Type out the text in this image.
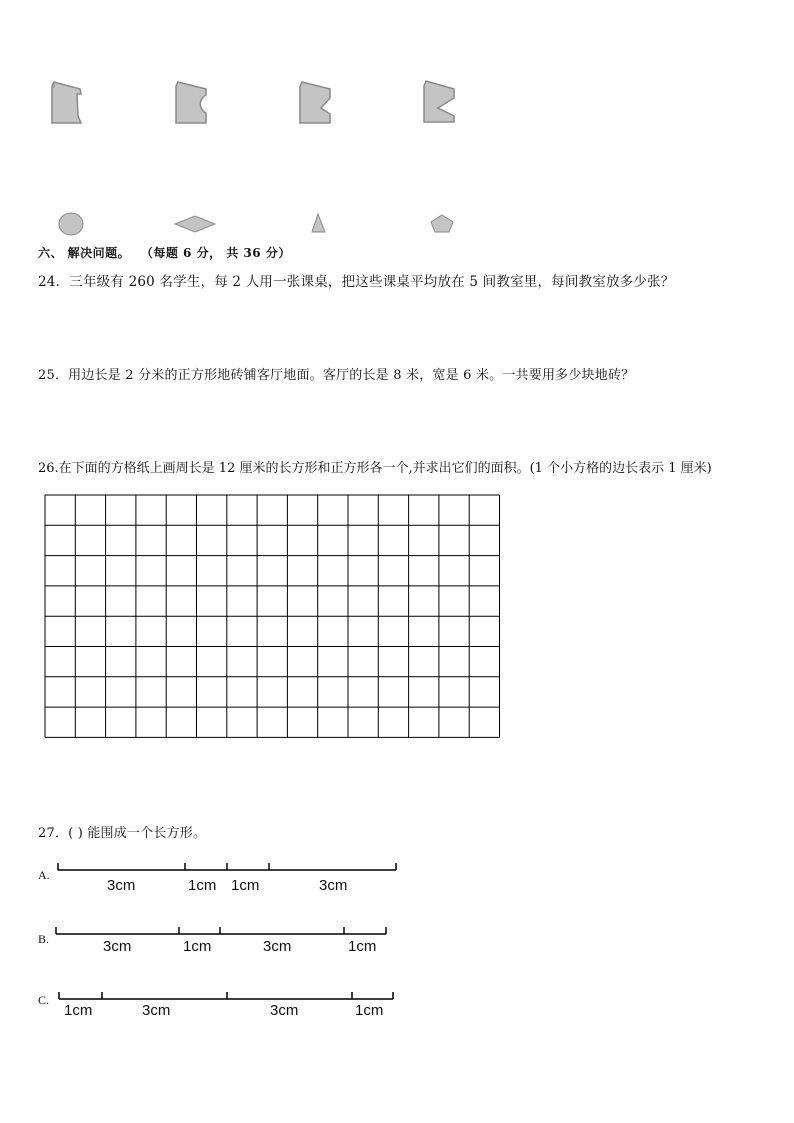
六、 解决问题。 （每题 6 分， 共 36 分）
24．三年级有 260 名学生，每 2 人用一张课桌，把这些课桌平均放在 5 间教室里，每间教室放多少张？
25．用边长是 2 分米的正方形地砖铺客厅地面。客厅的长是 8 米，宽是 6 米。一共要用多少块地砖？
26.在下面的方格纸上画周长是 12 厘米的长方形和正方形各一个,并求出它们的面积。(1 个小方格的边长表示 1 厘米)
27．( ) 能围成一个长方形。
A.
3cm	1cm 1cm	3cm
B.	3cm	1cm	3cm	1cm
C.
1cm	3cm	3cm	1cm
